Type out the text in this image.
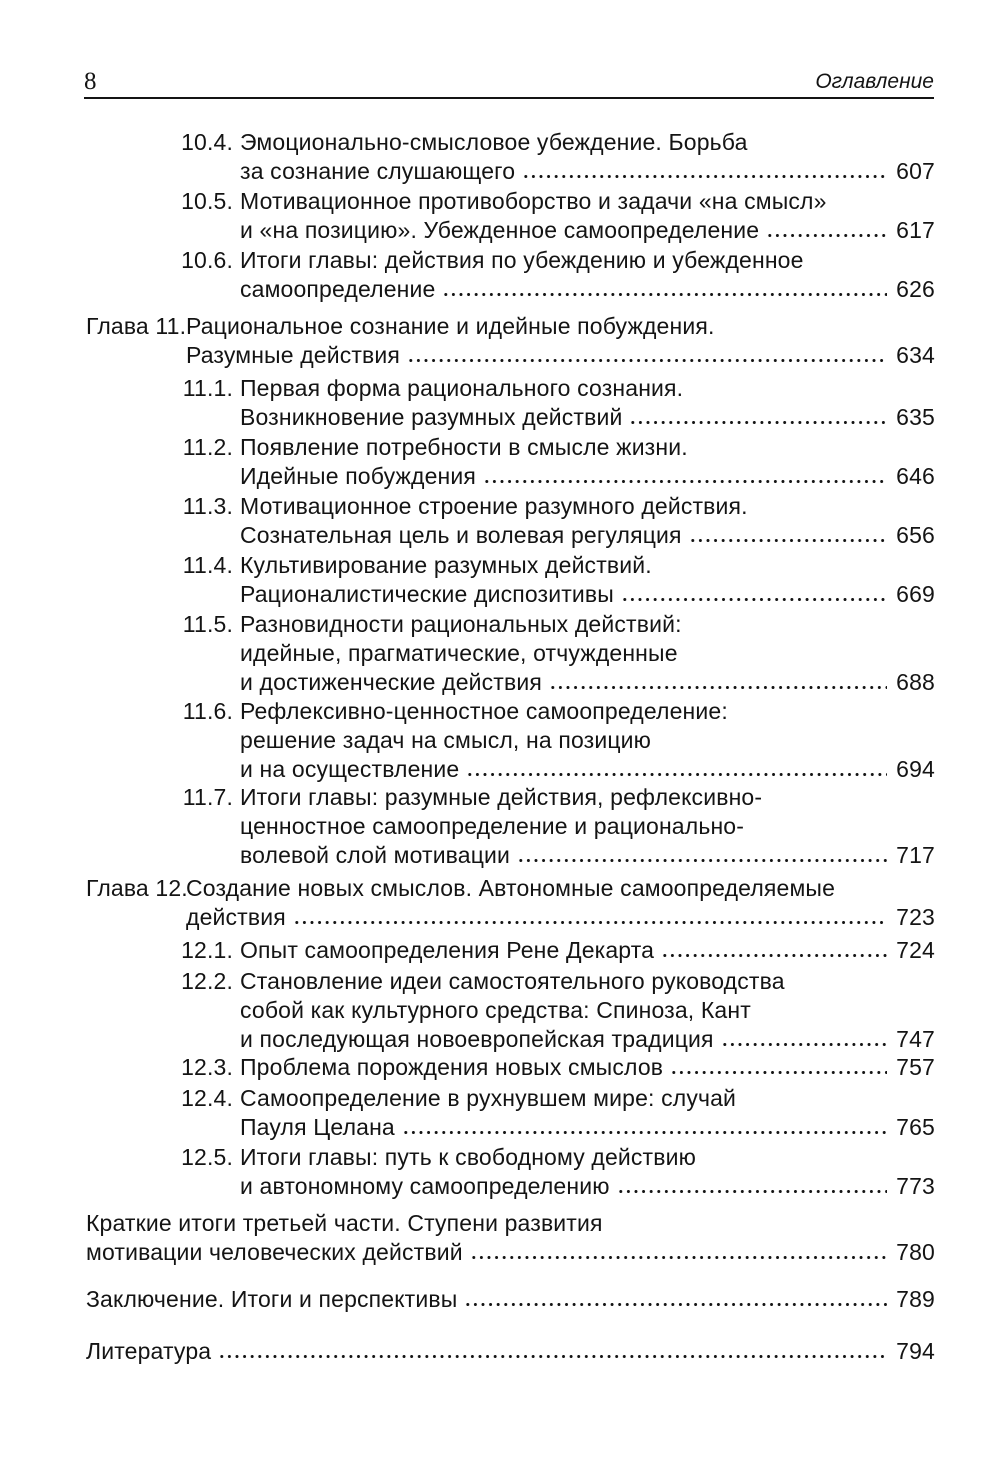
8	Оглавление
10.4. Эмоционально-смысловое убеждение. Борьба
за сознание слушающего	607
10.5. Мотивационное противоборство и задачи «на смысл»
и «на позицию». Убежденное самоопределение	617
10.6. Итоги главы: действия по убеждению и убежденное
самоопределение	626
Глава 11. Рациональное сознание и идейные побуждения.
Разумные действия	634
11.1. Первая форма рационального сознания.
Возникновение разумных действий	635
11.2. Появление потребности в смысле жизни.
Идейные побуждения	646
11.3. Мотивационное строение разумного действия.
Сознательная цель и волевая регуляция	656
11.4. Культивирование разумных действий.
Рационалистические диспозитивы	669
11.5. Разновидности рациональных действий:
идейные, прагматические, отчужденные
и достиженческие действия	688
11.6. Рефлексивно-ценностное самоопределение:
решение задач на смысл, на позицию
и на осуществление	694
11.7. Итоги главы: разумные действия, рефлексивно-
ценностное самоопределение и рационально-
волевой слой мотивации	717
Глава 12.
Создание новых смыслов. Автономные самоопределяемые
действия	723
12.1. Опыт самоопределения Рене Декарта	724
12.2. Становление идеи самостоятельного руководства
собой как культурного средства: Спиноза, Кант
и последующая новоевропейская традиция	747
12.3. Проблема порождения новых смыслов	757
12.4. Самоопределение в рухнувшем мире: случай
Пауля Целана	765
12.5. Итоги главы: путь к свободному действию
и автономному самоопределению	773
Краткие итоги третьей части. Ступени развития
мотивации человеческих действий	780
Заключение. Итоги и перспективы	789
Литература	794
